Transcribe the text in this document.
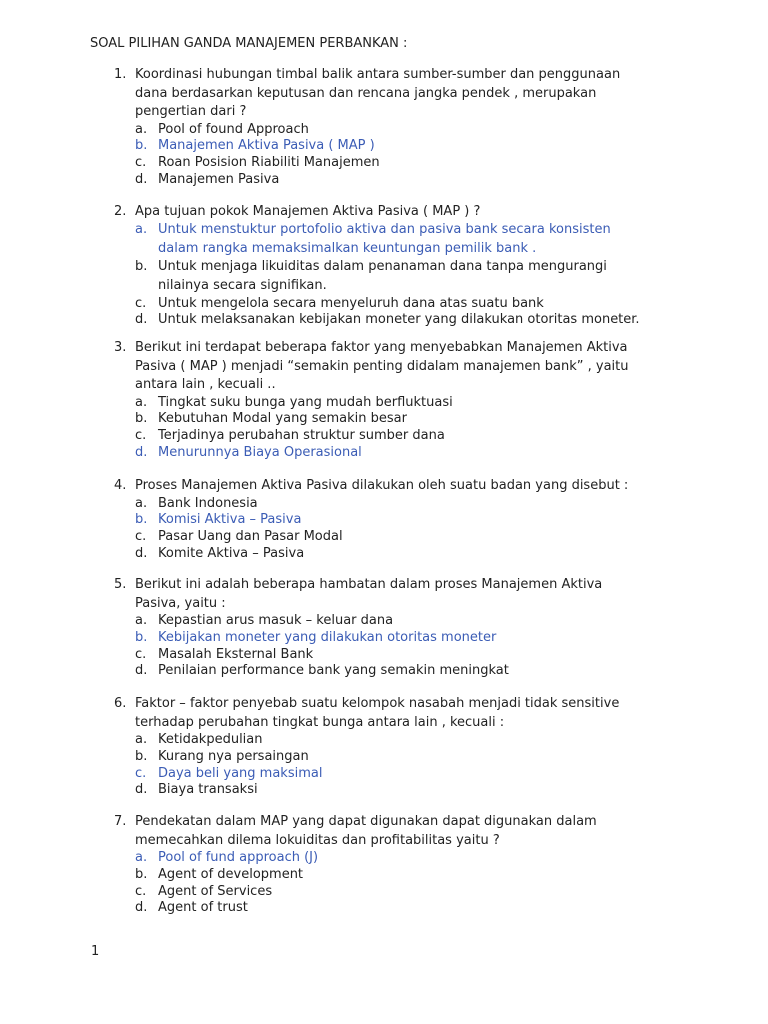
SOAL PILIHAN GANDA MANAJEMEN PERBANKAN :
1. Koordinasi hubungan timbal balik antara sumber-sumber dan penggunaan
dana berdasarkan keputusan dan rencana jangka pendek , merupakan
pengertian dari ?
a. Pool of found Approach
b. Manajemen Aktiva Pasiva ( MAP )
c. Roan Posision Riabiliti Manajemen
d. Manajemen Pasiva
2. Apa tujuan pokok Manajemen Aktiva Pasiva ( MAP ) ?
a. Untuk menstuktur portofolio aktiva dan pasiva bank secara konsisten
dalam rangka memaksimalkan keuntungan pemilik bank .
b. Untuk menjaga likuiditas dalam penanaman dana tanpa mengurangi
nilainya secara signifikan.
c. Untuk mengelola secara menyeluruh dana atas suatu bank
d. Untuk melaksanakan kebijakan moneter yang dilakukan otoritas moneter.
3. Berikut ini terdapat beberapa faktor yang menyebabkan Manajemen Aktiva
Pasiva ( MAP ) menjadi “semakin penting didalam manajemen bank” , yaitu
antara lain , kecuali ..
a. Tingkat suku bunga yang mudah berfluktuasi
b. Kebutuhan Modal yang semakin besar
c. Terjadinya perubahan struktur sumber dana
d. Menurunnya Biaya Operasional
4. Proses Manajemen Aktiva Pasiva dilakukan oleh suatu badan yang disebut :
a. Bank Indonesia
b. Komisi Aktiva – Pasiva
c. Pasar Uang dan Pasar Modal
d. Komite Aktiva – Pasiva
5. Berikut ini adalah beberapa hambatan dalam proses Manajemen Aktiva
Pasiva, yaitu :
a. Kepastian arus masuk – keluar dana
b. Kebijakan moneter yang dilakukan otoritas moneter
c. Masalah Eksternal Bank
d. Penilaian performance bank yang semakin meningkat
6. Faktor – faktor penyebab suatu kelompok nasabah menjadi tidak sensitive
terhadap perubahan tingkat bunga antara lain , kecuali :
a. Ketidakpedulian
b. Kurang nya persaingan
c. Daya beli yang maksimal
d. Biaya transaksi
7. Pendekatan dalam MAP yang dapat digunakan dapat digunakan dalam
memecahkan dilema lokuiditas dan profitabilitas yaitu ?
a. Pool of fund approach (J)
b. Agent of development
c. Agent of Services
d. Agent of trust
1
